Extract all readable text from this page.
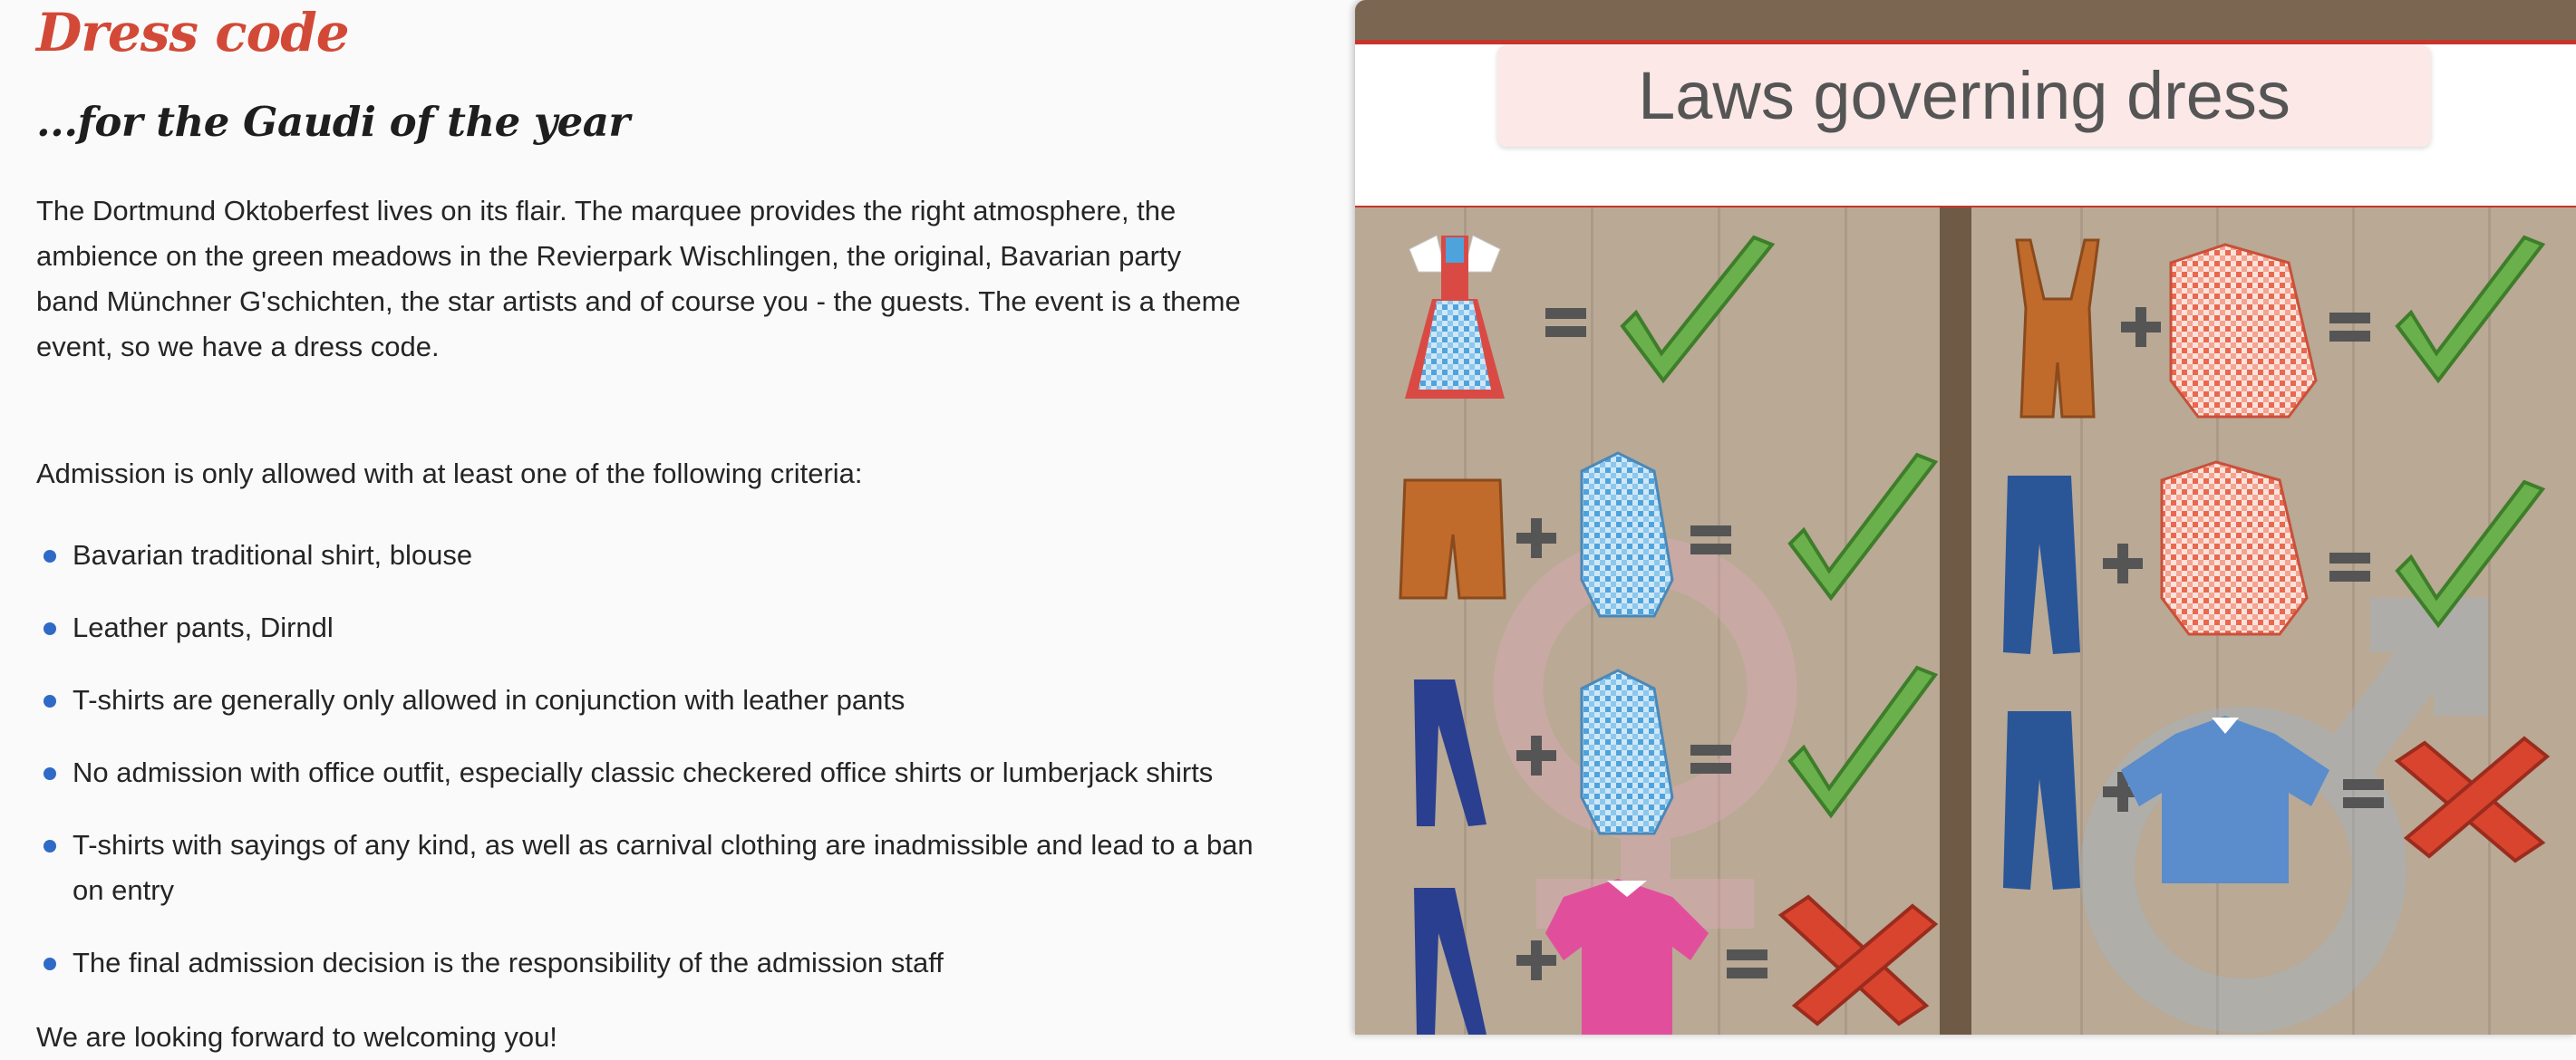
Dress code
...for the Gaudi of the year

The Dortmund Oktoberfest lives on its flair. The marquee provides the right atmosphere, the ambience on the green meadows in the Revierpark Wischlingen, the original, Bavarian party band Münchner G'schichten, the star artists and of course you - the guests. The event is a theme event, so we have a dress code.

Admission is only allowed with at least one of the following criteria:

Bavarian traditional shirt, blouse
Leather pants, Dirndl
T-shirts are generally only allowed in conjunction with leather pants
No admission with office outfit, especially classic checkered office shirts or lumberjack shirts
T-shirts with sayings of any kind, as well as carnival clothing are inadmissible and lead to a ban on entry
The final admission decision is the responsibility of the admission staff
We are looking forward to welcoming you!
Laws governing dress
